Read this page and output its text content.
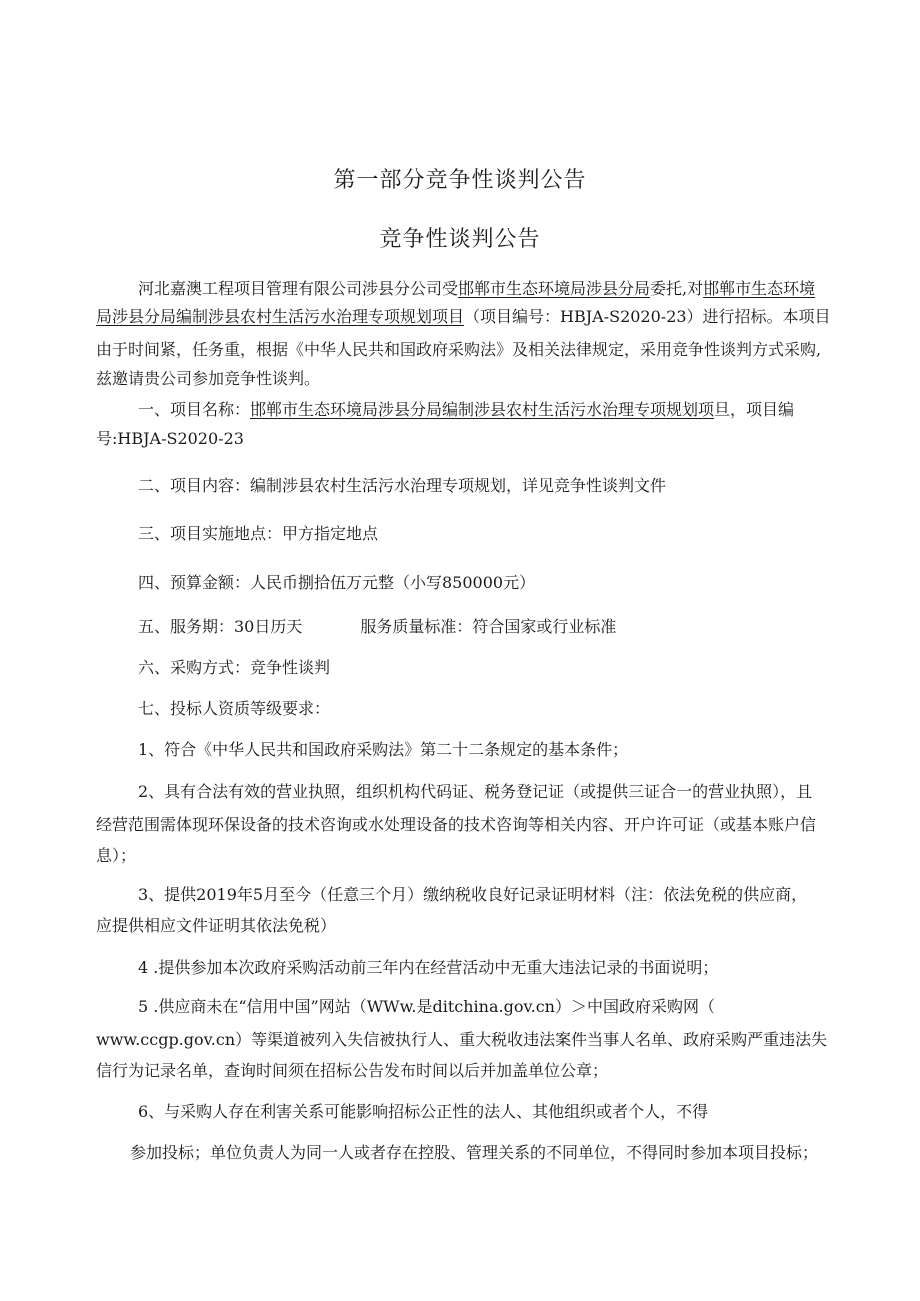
第一部分竞争性谈判公告
竞争性谈判公告
河北嘉澳工程项目管理有限公司涉县分公司受邯郸市生态环境局涉县分局委托,对邯郸市生态环境
局涉县分局编制涉县农村生活污水治理专项规划项目（项目编号：HBJA-S2020-23）进行招标。本项目
由于时间紧，任务重，根据《中华人民共和国政府采购法》及相关法律规定，采用竞争性谈判方式采购,
兹邀请贵公司参加竞争性谈判。
一、项目名称：邯郸市生态环境局涉县分局编制涉县农村生活污水治理专项规划项旦，项目编
号:HBJA-S2020-23
二、项目内容：编制涉县农村生活污水治理专项规划，详见竞争性谈判文件
三、项目实施地点：甲方指定地点
四、预算金额：人民币捌拾伍万元整（小写850000元）
五、服务期：30日历天	服务质量标准：符合国家或行业标准
六、采购方式：竞争性谈判
七、投标人资质等级要求：
1、符合《中华人民共和国政府采购法》第二十二条规定的基本条件；
2、具有合法有效的营业执照，组织机构代码证、税务登记证（或提供三证合一的营业执照），且
经营范围需体现环保设备的技术咨询或水处理设备的技术咨询等相关内容、开户许可证（或基本账户信
息）；
3、提供2019年5月至今（任意三个月）缴纳税收良好记录证明材料（注：依法免税的供应商，
应提供相应文件证明其依法免税）
4 .提供参加本次政府采购活动前三年内在经营活动中无重大违法记录的书面说明；
5 .供应商未在“信用中国”网站（WWw.是ditchina.gov.cn）＞中国政府采购网（
www.ccgp.gov.cn）等渠道被列入失信被执行人、重大税收违法案件当事人名单、政府采购严重违法失
信行为记录名单，查询时间须在招标公告发布时间以后并加盖单位公章；
6、与采购人存在利害关系可能影响招标公正性的法人、其他组织或者个人，不得
参加投标；单位负责人为同一人或者存在控股、管理关系的不同单位，不得同时参加本项目投标；
